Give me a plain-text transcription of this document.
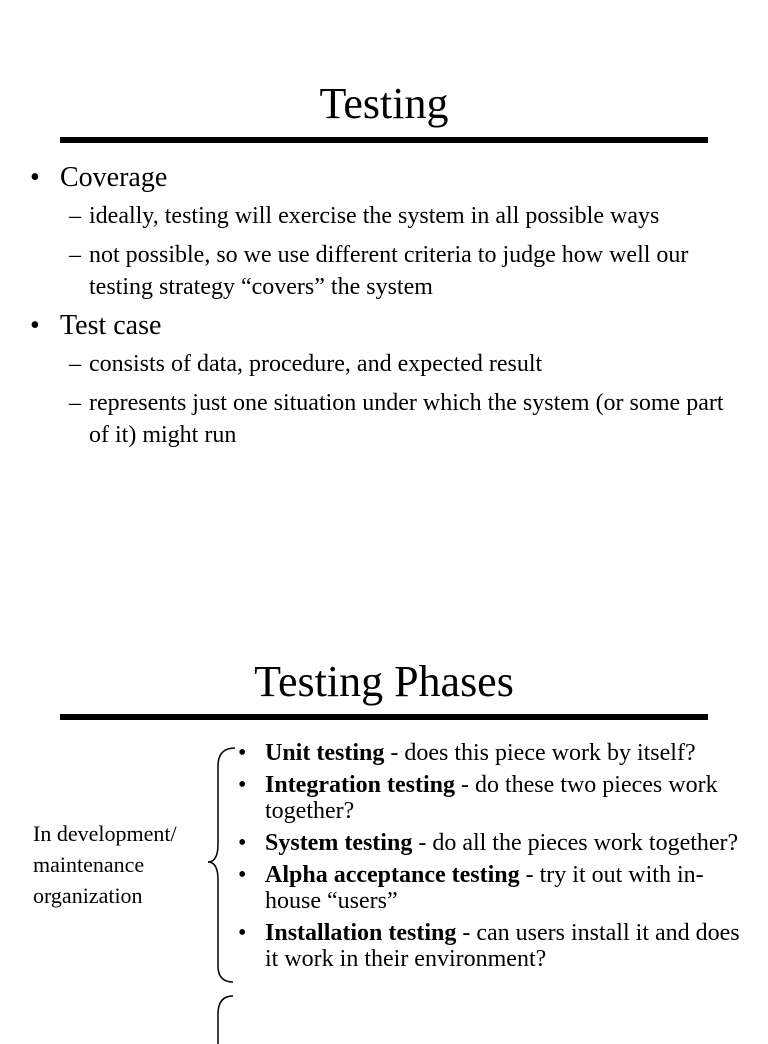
Testing
• Coverage
– ideally, testing will exercise the system in all possible ways
– not possible, so we use different criteria to judge how well our testing strategy “covers” the system
• Test case
– consists of data, procedure, and expected result
– represents just one situation under which the system (or some part of it) might run
Testing Phases
In development/
maintenance
organization
• Unit testing - does this piece work by itself?
• Integration testing - do these two pieces work together?
• System testing - do all the pieces work together?
• Alpha acceptance testing - try it out with in-house “users”
• Installation testing - can users install it and does it work in their environment?
